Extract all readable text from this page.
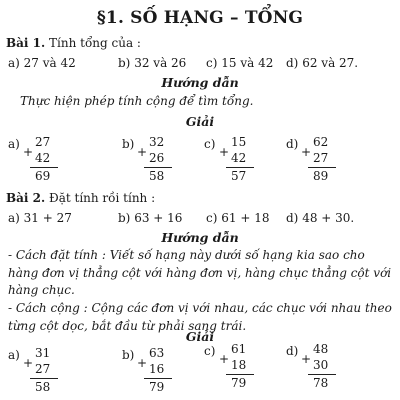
§1. SỐ HẠNG – TỔNG
Bài 1. Tính tổng của :
a) 27 và 42	b) 32 và 26 c) 15 và 42 d) 62 và 27.
Hướng dẫn
Thực hiện phép tính cộng để tìm tổng.
Giải
a)
+
27
42
69
b)
+
32
26
58
c)
+
15
42
57
d)
+
62
27
89
Bài 2. Đặt tính rồi tính :
a) 31 + 27	b) 63 + 16 c) 61 + 18 d) 48 + 30.
Hướng dẫn
- Cách đặt tính : Viết số hạng này dưới số hạng kia sao cho hàng đơn vị thẳng cột với hàng đơn vị, hàng chục thẳng cột với hàng chục.
- Cách cộng : Cộng các đơn vị với nhau, các chục với nhau theo từng cột dọc, bắt đầu từ phải sang trái.
Giải
a)
+
31
27
58
b)
+
63
16
79
c)
+
61
18
79
d)
+
48
30
78
